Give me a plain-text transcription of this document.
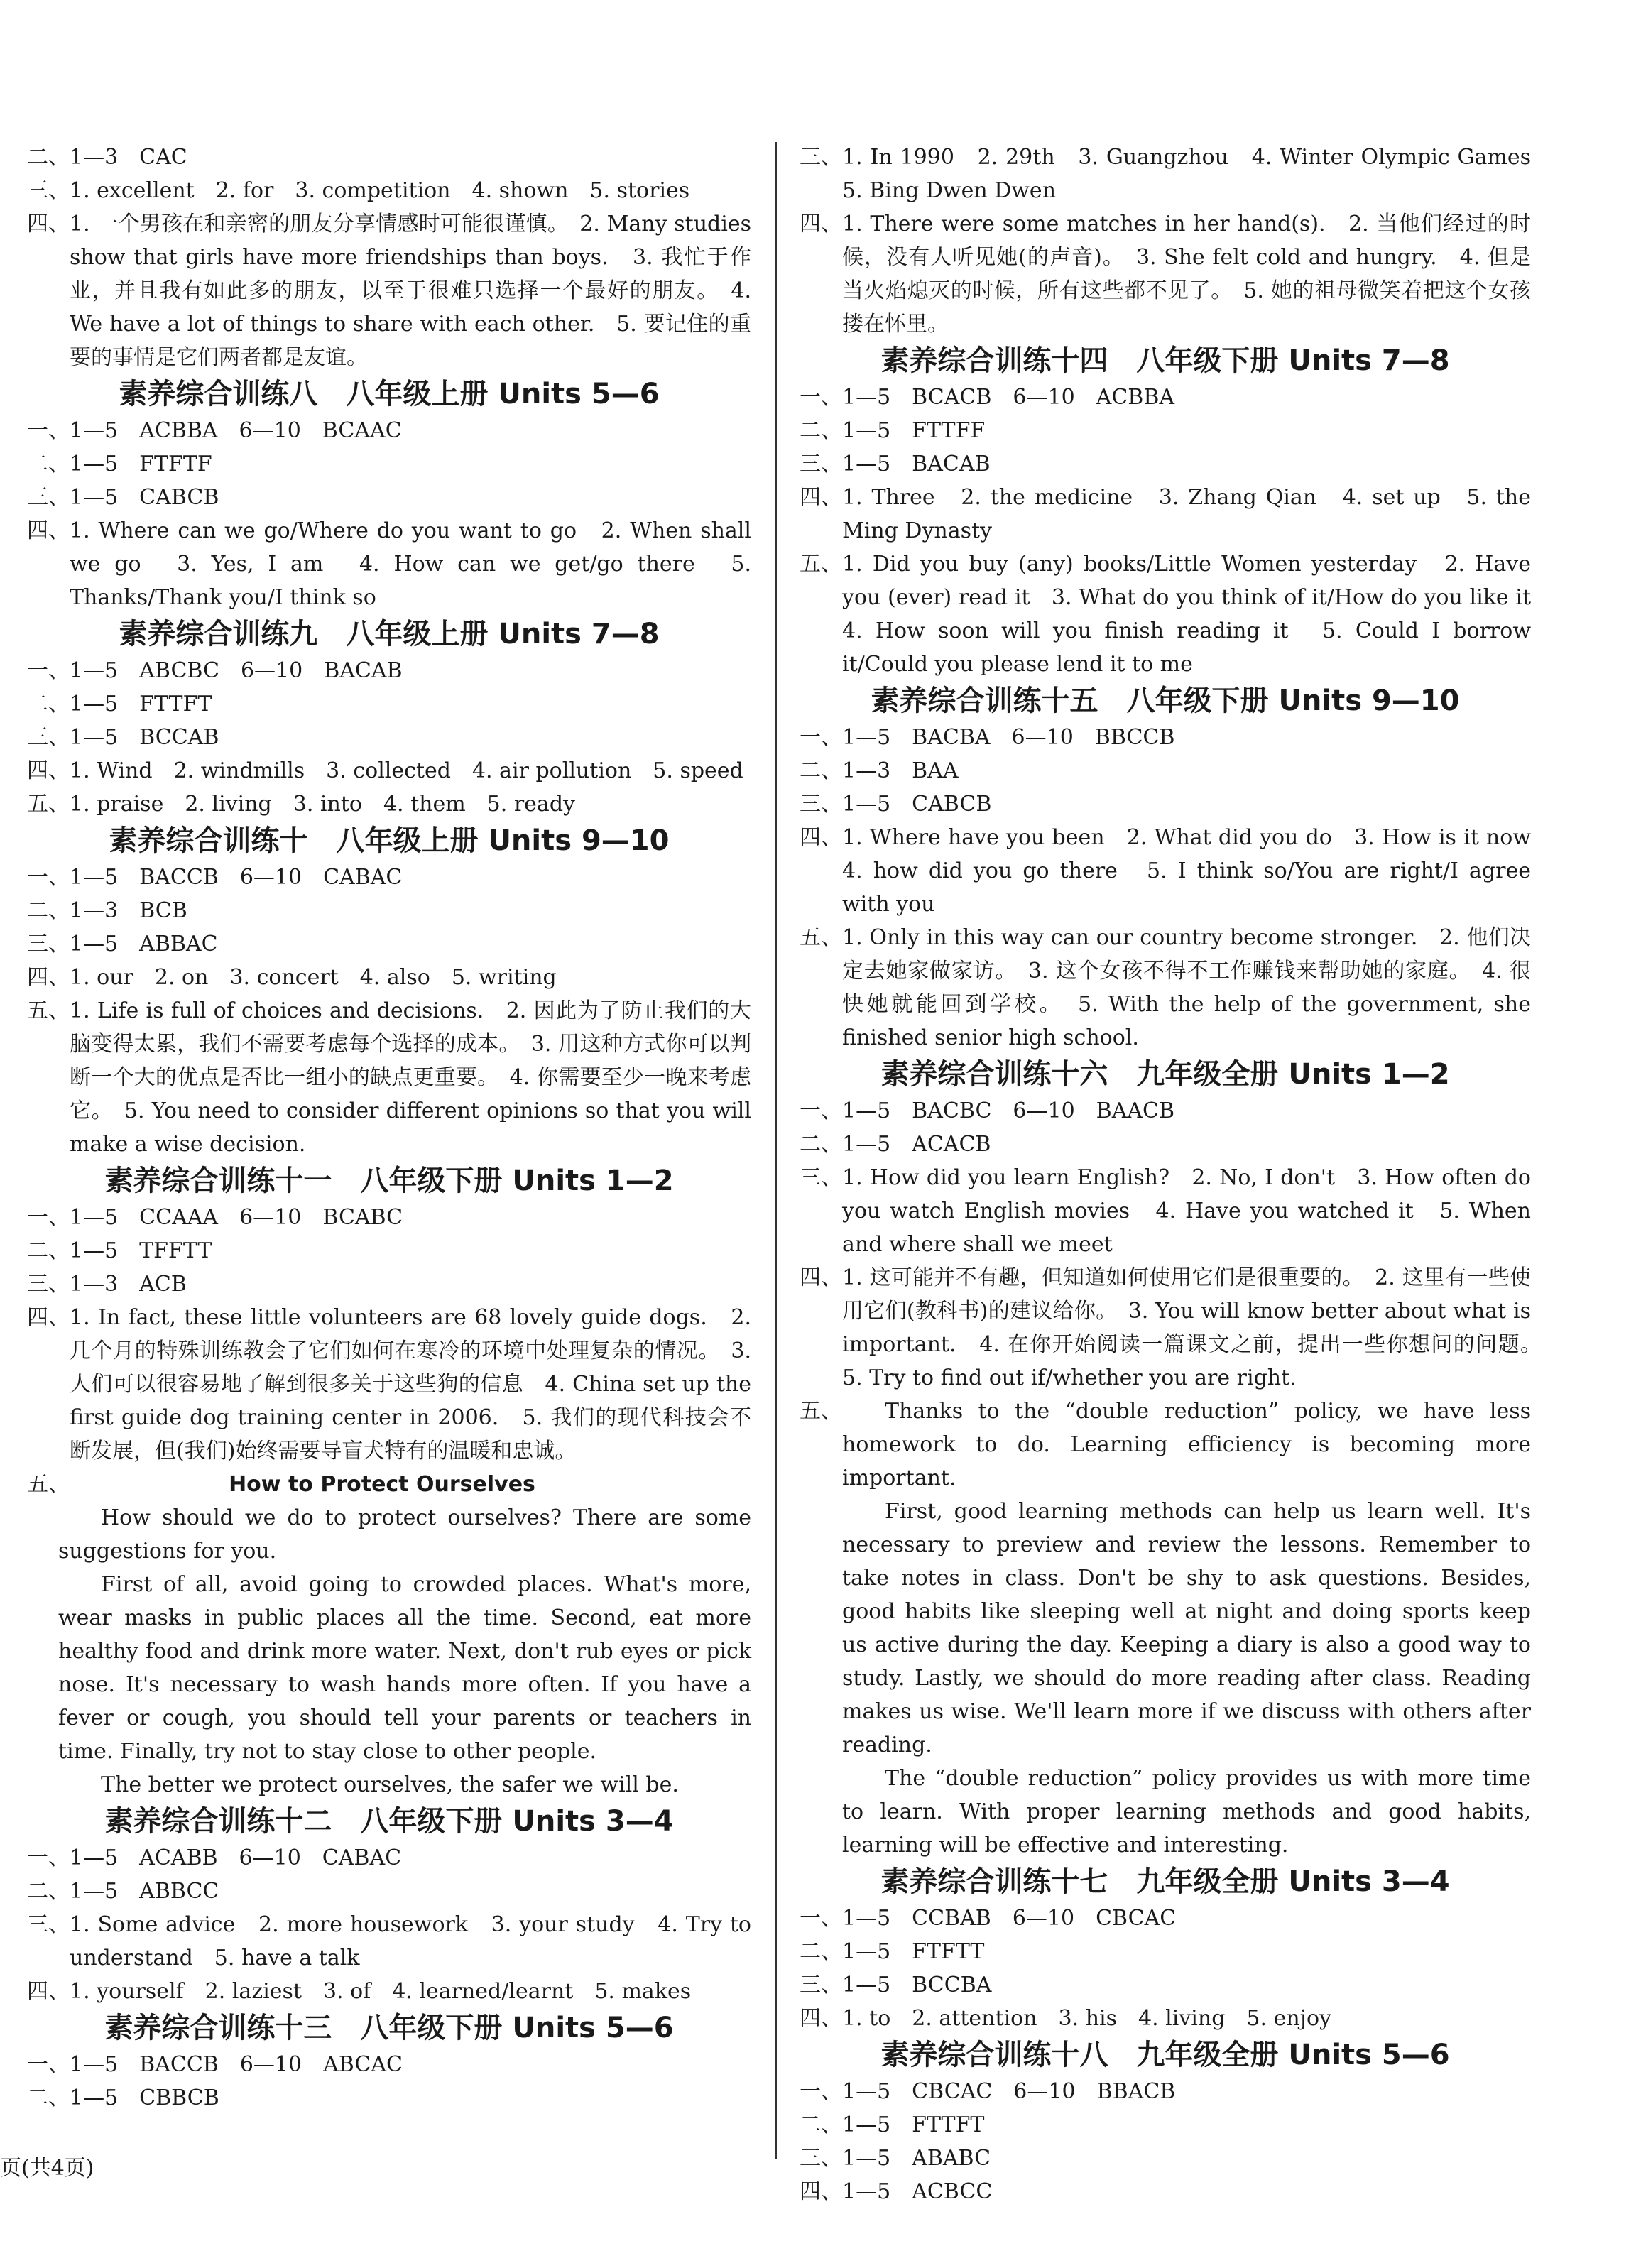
二、 1—3　CAC
三、 1. excellent　2. for　3. competition　4. shown　5. stories
四、 1. 一个男孩在和亲密的朋友分享情感时可能很谨慎。　2. Many studies show that girls have more friendships than boys.　3. 我忙于作业，并且我有如此多的朋友，以至于很难只选择一个最好的朋友。　4. We have a lot of things to share with each other.　5. 要记住的重要的事情是它们两者都是友谊。
素养综合训练八　八年级上册 Units 5—6
一、 1—5　ACBBA　6—10　BCAAC
二、 1—5　FTFTF
三、 1—5　CABCB
四、 1. Where can we go/Where do you want to go　2. When shall we go　3. Yes, I am　4. How can we get/go there　5. Thanks/Thank you/I think so
素养综合训练九　八年级上册 Units 7—8
一、 1—5　ABCBC　6—10　BACAB
二、 1—5　FTTFT
三、 1—5　BCCAB
四、 1. Wind　2. windmills　3. collected　4. air pollution　5. speed
五、 1. praise　2. living　3. into　4. them　5. ready
素养综合训练十　八年级上册 Units 9—10
一、 1—5　BACCB　6—10　CABAC
二、 1—3　BCB
三、 1—5　ABBAC
四、 1. our　2. on　3. concert　4. also　5. writing
五、 1. Life is full of choices and decisions.　2. 因此为了防止我们的大脑变得太累，我们不需要考虑每个选择的成本。　3. 用这种方式你可以判断一个大的优点是否比一组小的缺点更重要。　4. 你需要至少一晚来考虑它。　5. You need to consider different opinions so that you will make a wise decision.
素养综合训练十一　八年级下册 Units 1—2
一、 1—5　CCAAA　6—10　BCABC
二、 1—5　TFFTT
三、 1—3　ACB
四、 1. In fact, these little volunteers are 68 lovely guide dogs.　2. 几个月的特殊训练教会了它们如何在寒冷的环境中处理复杂的情况。　3. 人们可以很容易地了解到很多关于这些狗的信息　4. China set up the first guide dog training center in 2006.　5. 我们的现代科技会不断发展，但(我们)始终需要导盲犬特有的温暖和忠诚。
五、	How to Protect Ourselves
How should we do to protect ourselves? There are some suggestions for you.
First of all, avoid going to crowded places. What's more, wear masks in public places all the time. Second, eat more healthy food and drink more water. Next, don't rub eyes or pick nose. It's necessary to wash hands more often. If you have a fever or cough, you should tell your parents or teachers in time. Finally, try not to stay close to other people.
The better we protect ourselves, the safer we will be.
素养综合训练十二　八年级下册 Units 3—4
一、 1—5　ACABB　6—10　CABAC
二、 1—5　ABBCC
三、 1. Some advice　2. more housework　3. your study　4. Try to understand　5. have a talk
四、 1. yourself　2. laziest　3. of　4. learned/learnt　5. makes
素养综合训练十三　八年级下册 Units 5—6
一、 1—5　BACCB　6—10　ABCAC
二、 1—5　CBBCB
三、 1. In 1990　2. 29th　3. Guangzhou　4. Winter Olympic Games　5. Bing Dwen Dwen
四、 1. There were some matches in her hand(s).　2. 当他们经过的时候，没有人听见她(的声音)。　3. She felt cold and hungry.　4. 但是当火焰熄灭的时候，所有这些都不见了。　5. 她的祖母微笑着把这个女孩搂在怀里。
素养综合训练十四　八年级下册 Units 7—8
一、 1—5　BCACB　6—10　ACBBA
二、 1—5　FTTFF
三、 1—5　BACAB
四、 1. Three　2. the medicine　3. Zhang Qian　4. set up　5. the Ming Dynasty
五、 1. Did you buy (any) books/Little Women yesterday　2. Have you (ever) read it　3. What do you think of it/How do you like it　4. How soon will you finish reading it　5. Could I borrow it/Could you please lend it to me
素养综合训练十五　八年级下册 Units 9—10
一、 1—5　BACBA　6—10　BBCCB
二、 1—3　BAA
三、 1—5　CABCB
四、 1. Where have you been　2. What did you do　3. How is it now　4. how did you go there　5. I think so/You are right/I agree with you
五、 1. Only in this way can our country become stronger.　2. 他们决定去她家做家访。　3. 这个女孩不得不工作赚钱来帮助她的家庭。　4. 很快她就能回到学校。　5. With the help of the government, she finished senior high school.
素养综合训练十六　九年级全册 Units 1—2
一、 1—5　BACBC　6—10　BAACB
二、 1—5　ACACB
三、 1. How did you learn English?　2. No, I don't　3. How often do you watch English movies　4. Have you watched it　5. When and where shall we meet
四、 1. 这可能并不有趣，但知道如何使用它们是很重要的。　2. 这里有一些使用它们(教科书)的建议给你。　3. You will know better about what is important.　4. 在你开始阅读一篇课文之前，提出一些你想问的问题。　5. Try to find out if/whether you are right.
五、	Thanks to the “double reduction” policy, we have less homework to do. Learning efficiency is becoming more important.
First, good learning methods can help us learn well. It's necessary to preview and review the lessons. Remember to take notes in class. Don't be shy to ask questions. Besides, good habits like sleeping well at night and doing sports keep us active during the day. Keeping a diary is also a good way to study. Lastly, we should do more reading after class. Reading makes us wise. We'll learn more if we discuss with others after reading.
The “double reduction” policy provides us with more time to learn. With proper learning methods and good habits, learning will be effective and interesting.
素养综合训练十七　九年级全册 Units 3—4
一、 1—5　CCBAB　6—10　CBCAC
二、 1—5　FTFTT
三、 1—5　BCCBA
四、 1. to　2. attention　3. his　4. living　5. enjoy
素养综合训练十八　九年级全册 Units 5—6
一、 1—5　CBCAC　6—10　BBACB
二、 1—5　FTTFT
三、 1—5　ABABC
四、 1—5　ACBCC
页(共4页)
